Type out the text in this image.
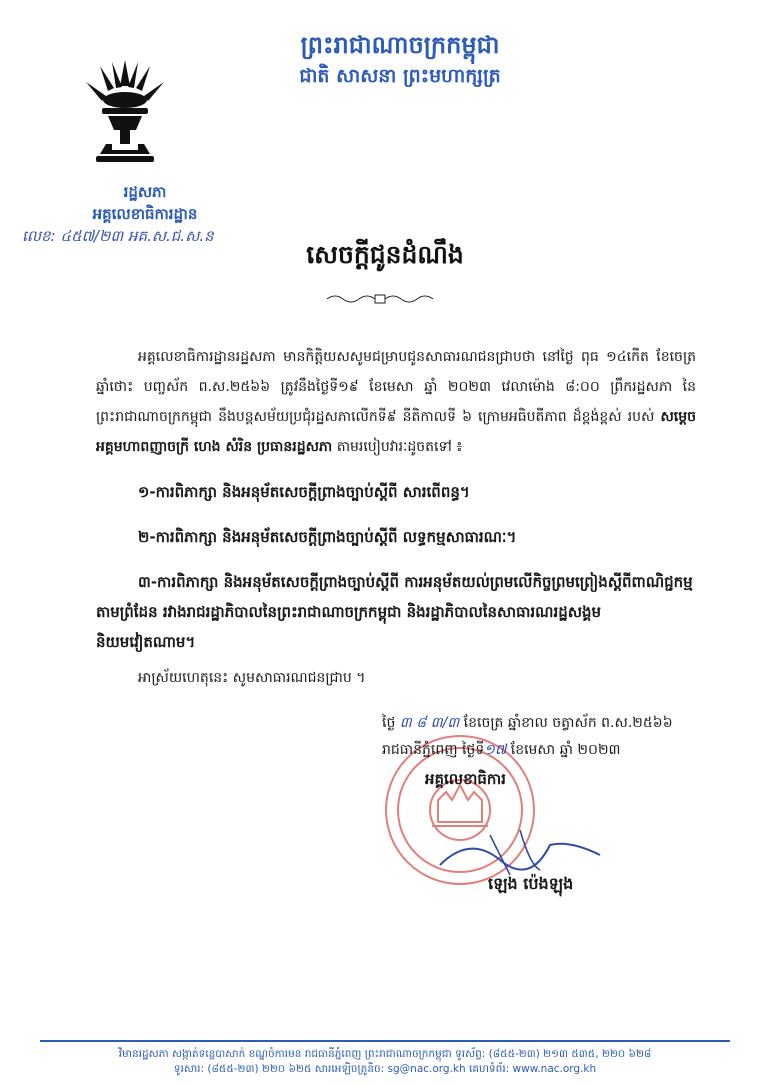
ព្រះរាជាណាចក្រកម្ពុជា
ជាតិ សាសនា ព្រះមហាក្សត្រ
រដ្ឋសភា
អគ្គលេខាធិការដ្ឋាន
លេខ: ៤៥៧/២៣ អគ.ស.ជ.ស.ន
សេចក្តីជូនដំណឹង
អគ្គលេខាធិការដ្ឋានរដ្ឋសភា មានកិត្តិយសសូមជម្រាបជូនសាធារណជនជ្រាបថា នៅថ្ងៃ ពុធ ១៤កើត ខែចេត្រ ឆ្នាំថោះ បញ្ចស័ក ព.ស.២៥៦៦ ត្រូវនឹងថ្ងៃទី១៩ ខែមេសា ឆ្នាំ ២០២៣ វេលាម៉ោង ៨:០០ ព្រឹករដ្ឋសភា នៃព្រះរាជាណាចក្រកម្ពុជា នឹងបន្តសម័យប្រជុំរដ្ឋសភាលើកទី៩ នីតិកាលទី ៦ ក្រោមអធិបតីភាព ដ៏ខ្ពង់ខ្ពស់ របស់ សម្តេចអគ្គមហាពញាចក្រី ហេង សំរិន ប្រធានរដ្ឋសភា តាមរបៀបវារៈដូចតទៅ ៖
១-ការពិភាក្សា និងអនុម័តសេចក្តីព្រាងច្បាប់ស្តីពី សារពើពន្ធ។
២-ការពិភាក្សា និងអនុម័តសេចក្តីព្រាងច្បាប់ស្តីពី លទ្ធកម្មសាធារណៈ។
៣-ការពិភាក្សា និងអនុម័តសេចក្តីព្រាងច្បាប់ស្តីពី ការអនុម័តយល់ព្រមលើកិច្ចព្រមព្រៀងស្តីពីពាណិជ្ជកម្មតាមព្រំដែន រវាងរាជរដ្ឋាភិបាលនៃព្រះរាជាណាចក្រកម្ពុជា និងរដ្ឋាភិបាលនៃសាធារណរដ្ឋសង្គមនិយមវៀតណាម។
អាស្រ័យហេតុនេះ សូមសាធារណជនជ្រាប ។
ថ្ងៃ ៣ ៨ ៣/៣ ខែចេត្រ ឆ្នាំខាល ចត្វាស័ក ព.ស.២៥៦៦
រាជធានីភ្នំពេញ ថ្ងៃទី១៧ ខែមេសា ឆ្នាំ ២០២៣
អគ្គលេខាធិការ
ឡេង ប៉េងឡុង
វិមានរដ្ឋសភា សង្កាត់ទន្លេបាសាក់ ខណ្ឌចំការមន រាជធានីភ្នំពេញ ព្រះរាជាណាចក្រកម្ពុជា ទូរស័ព្ទ: (៨៥៥-២៣) ២១៣ ៥៣៥, ២២០ ៦២៨
ទូរសារ: (៨៥៥-២៣) ២២០ ៦២៥ សារអេឡិចត្រូនិច: sg@nac.org.kh គេហទំព័រ: www.nac.org.kh
